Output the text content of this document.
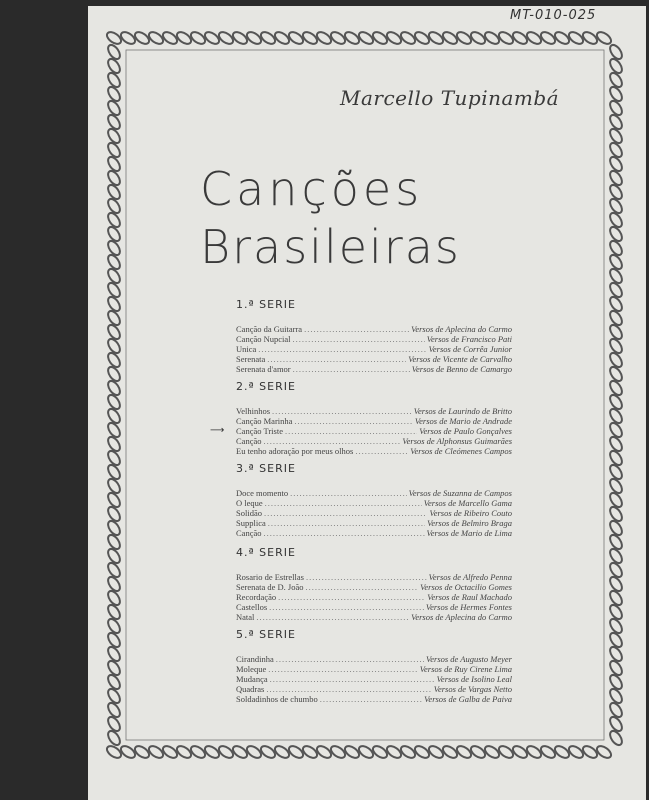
MT-010-025
Marcello Tupinambá
Canções
Brasileiras
1.ª SERIE
Canção da Guitarra .....	Versos de Aplecina do Carmo
Canção Nupcial .....	Versos de Francisco Pati
Unica .....	Versos de Corrêa Junior
Serenata .....	Versos de Vicente de Carvalho
Serenata d'amor .....	Versos de Benno de Camargo
2.ª SERIE
Velhinhos .....	Versos de Laurindo de Britto
Canção Marinha .....	Versos de Mario de Andrade
⟶ Canção Triste .....	Versos de Paulo Gonçalves
Canção .....	Versos de Alphonsus Guimarães
Eu tenho adoração por meus olhos .....	Versos de Cleómenes Campos
3.ª SERIE
Doce momento .....	Versos de Suzanna de Campos
O leque .....	Versos de Marcello Gama
Solidão .....	Versos de Ribeiro Couto
Supplica .....	Versos de Belmiro Braga
Canção .....	Versos de Mario de Lima
4.ª SERIE
Rosario de Estrellas .....	Versos de Alfredo Penna
Serenata de D. João .....	Versos de Octacilio Gomes
Recordação .....	Versos de Raul Machado
Castellos .....	Versos de Hermes Fontes
Natal .....	Versos de Aplecina do Carmo
5.ª SERIE
Cirandinha .....	Versos de Augusto Meyer
Moleque .....	Versos de Ruy Cirene Lima
Mudança .....	Versos de Isolino Leal
Quadras .....	Versos de Vargas Netto
Soldadinhos de chumbo .....	Versos de Galba de Paiva
